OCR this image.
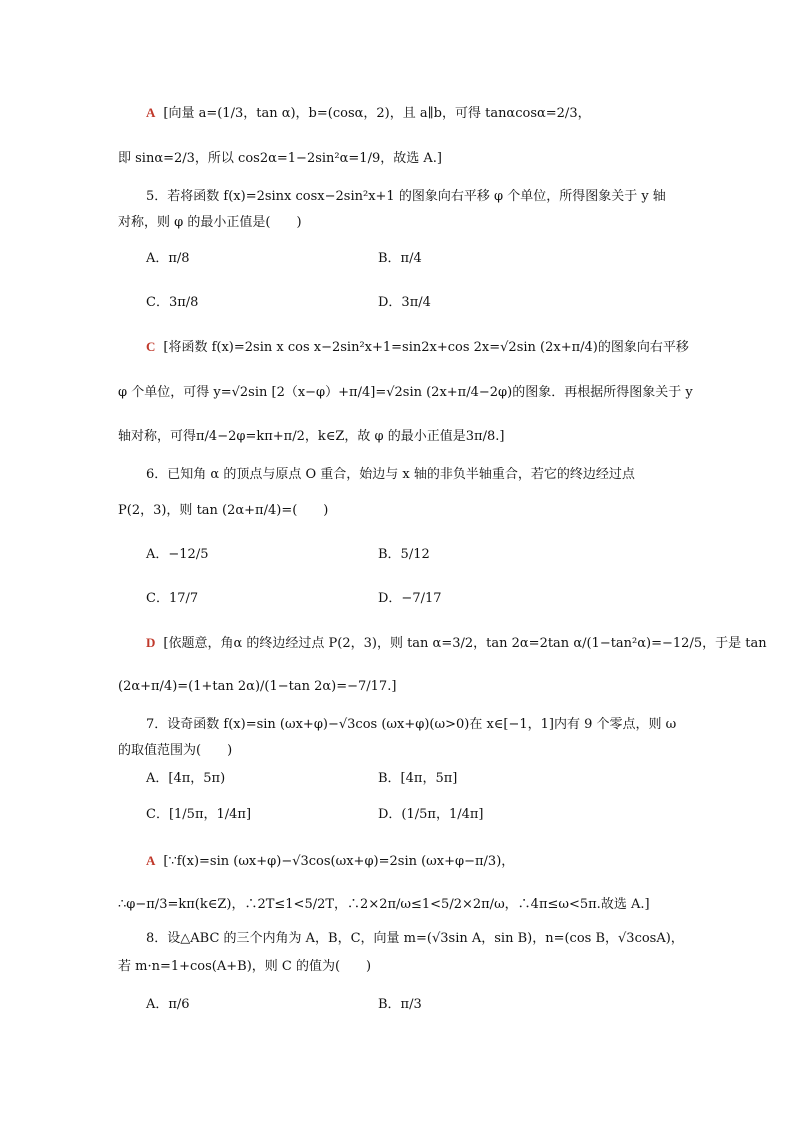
A [向量 a=(1/3，tan α)，b=(cosα，2)，且 a∥b，可得 tanαcosα=2/3，
即 sinα=2/3，所以 cos2α=1−2sin²α=1/9，故选 A.]
5．若将函数 f(x)=2sinx cosx−2sin²x+1 的图象向右平移 φ 个单位，所得图象关于 y 轴
对称，则 φ 的最小正值是(　　)
A．π/8	B．π/4
C．3π/8	D．3π/4
C [将函数 f(x)=2sin x cos x−2sin²x+1=sin2x+cos 2x=√2sin (2x+π/4)的图象向右平移
φ 个单位，可得 y=√2sin [2（x−φ）+π/4]=√2sin (2x+π/4−2φ)的图象．再根据所得图象关于 y
轴对称，可得π/4−2φ=kπ+π/2，k∈Z，故 φ 的最小正值是3π/8.]
6．已知角 α 的顶点与原点 O 重合，始边与 x 轴的非负半轴重合，若它的终边经过点
P(2，3)，则 tan (2α+π/4)=(　　)
A．−12/5	B．5/12
C．17/7	D．−7/17
D [依题意，角α 的终边经过点 P(2，3)，则 tan α=3/2，tan 2α=2tan α/(1−tan²α)=−12/5，于是 tan
(2α+π/4)=(1+tan 2α)/(1−tan 2α)=−7/17.]
7．设奇函数 f(x)=sin (ωx+φ)−√3cos (ωx+φ)(ω>0)在 x∈[−1，1]内有 9 个零点，则 ω
的取值范围为(　　)
A．[4π，5π)	B．[4π，5π]
C．[1/5π，1/4π]	D．(1/5π，1/4π]
A [∵f(x)=sin (ωx+φ)−√3cos(ωx+φ)=2sin (ωx+φ−π/3)，
∴φ−π/3=kπ(k∈Z)，∴2T≤1<5/2T，∴2×2π/ω≤1<5/2×2π/ω，∴4π≤ω<5π.故选 A.]
8．设△ABC 的三个内角为 A，B，C，向量 m=(√3sin A，sin B)，n=(cos B，√3cosA)，
若 m·n=1+cos(A+B)，则 C 的值为(　　)
A．π/6	B．π/3
